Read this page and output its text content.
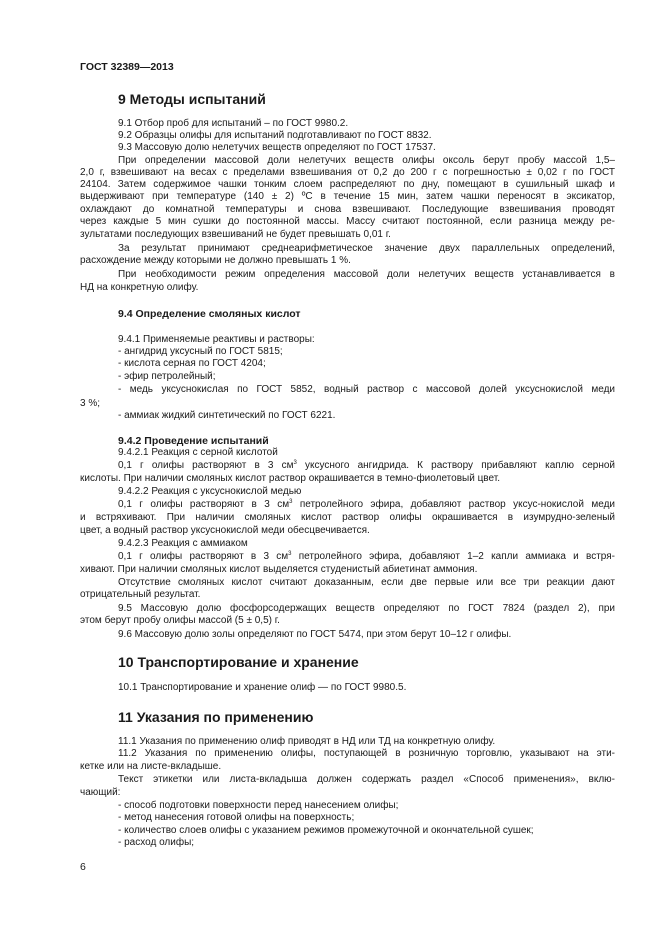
ГОСТ 32389—2013
9 Методы испытаний
9.1 Отбор проб для испытаний – по ГОСТ 9980.2.
9.2 Образцы олифы для испытаний подготавливают по ГОСТ 8832.
9.3 Массовую долю нелетучих веществ определяют по ГОСТ 17537.
При определении массовой доли нелетучих веществ олифы оксоль берут пробу массой 1,5–
2,0 г, взвешивают на весах с пределами взвешивания от 0,2 до 200 г с погрешностью ± 0,02 г по ГОСТ
24104. Затем содержимое чашки тонким слоем распределяют по дну, помещают в сушильный шкаф и
выдерживают при температуре (140 ± 2) ºС в течение 15 мин, затем чашки переносят в эксикатор,
охлаждают до комнатной температуры и снова взвешивают. Последующие взвешивания проводят
через каждые 5 мин сушки до постоянной массы. Массу считают постоянной, если разница между ре-
зультатами последующих взвешиваний не будет превышать 0,01 г.
За результат принимают среднеарифметическое значение двух параллельных определений,
расхождение между которыми не должно превышать 1 %.
При необходимости режим определения массовой доли нелетучих веществ устанавливается в
НД на конкретную олифу.
9.4 Определение смоляных кислот
9.4.1 Применяемые реактивы и растворы:
- ангидрид уксусный по ГОСТ 5815;
- кислота серная по ГОСТ 4204;
- эфир петролейный;
- медь уксуснокислая по ГОСТ 5852, водный раствор с массовой долей уксуснокислой меди
3 %;
- аммиак жидкий синтетический по ГОСТ 6221.
9.4.2 Проведение испытаний
9.4.2.1 Реакция с серной кислотой
0,1 г олифы растворяют в 3 $см^3$ уксусного ангидрида. К раствору прибавляют каплю серной
кислоты. При наличии смоляных кислот раствор окрашивается в темно-фиолетовый цвет.
9.4.2.2 Реакция с уксуснокислой медью
0,1 г олифы растворяют в 3 $см^3$ петролейного эфира, добавляют раствор уксус-нокислой меди
и встряхивают. При наличии смоляных кислот раствор олифы окрашивается в изумрудно-зеленый
цвет, а водный раствор уксуснокислой меди обесцвечивается.
9.4.2.3 Реакция с аммиаком
0,1 г олифы растворяют в 3 $см^3$ петролейного эфира, добавляют 1–2 капли аммиака и встря-
хивают. При наличии смоляных кислот выделяется студенистый абиетинат аммония.
Отсутствие смоляных кислот считают доказанным, если две первые или все три реакции дают
отрицательный результат.
9.5 Массовую долю фосфорсодержащих веществ определяют по ГОСТ 7824 (раздел 2), при
этом берут пробу олифы массой (5 ± 0,5) г.
9.6 Массовую долю золы определяют по ГОСТ 5474, при этом берут 10–12 г олифы.
10 Транспортирование и хранение
10.1 Транспортирование и хранение олиф — по ГОСТ 9980.5.
11 Указания по применению
11.1 Указания по применению олиф приводят в НД или ТД на конкретную олифу.
11.2 Указания по применению олифы, поступающей в розничную торговлю, указывают на эти-
кетке или на листе-вкладыше.
Текст этикетки или листа-вкладыша должен содержать раздел «Способ применения», вклю-
чающий:
- способ подготовки поверхности перед нанесением олифы;
- метод нанесения готовой олифы на поверхность;
- количество слоев олифы с указанием режимов промежуточной и окончательной сушек;
- расход олифы;
6
